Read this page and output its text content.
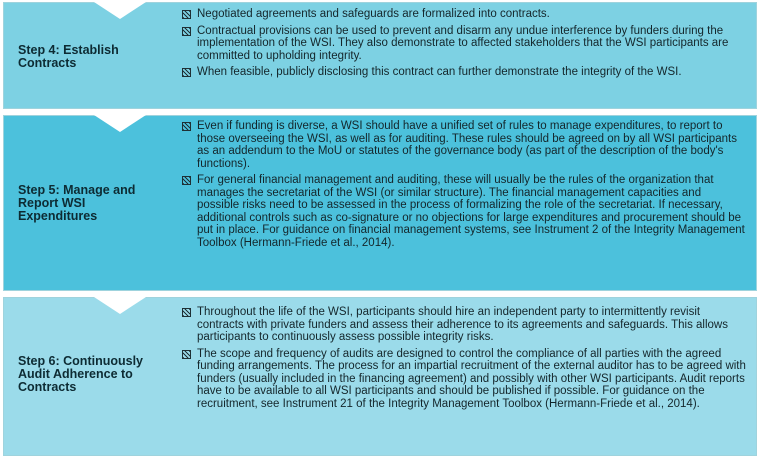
Step 4: Establish Contracts
Negotiated agreements and safeguards are formalized into contracts.
Contractual provisions can be used to prevent and disarm any undue interference by funders during the implementation of the WSI. They also demonstrate to affected stakeholders that the WSI participants are committed to upholding integrity.
When feasible, publicly disclosing this contract can further demonstrate the integrity of the WSI.
Step 5: Manage and Report WSI Expenditures
Even if funding is diverse, a WSI should have a unified set of rules to manage expenditures, to report to those overseeing the WSI, as well as for auditing. These rules should be agreed on by all WSI participants as an addendum to the MoU or statutes of the governance body (as part of the description of the body's functions).
For general financial management and auditing, these will usually be the rules of the organization that manages the secretariat of the WSI (or similar structure). The financial management capacities and possible risks need to be assessed in the process of formalizing the role of the secretariat. If necessary, additional controls such as co-signature or no objections for large expenditures and procurement should be put in place. For guidance on financial management systems, see Instrument 2 of the Integrity Management Toolbox (Hermann-Friede et al., 2014).
Step 6: Continuously Audit Adherence to Contracts
Throughout the life of the WSI, participants should hire an independent party to intermittently revisit contracts with private funders and assess their adherence to its agreements and safeguards. This allows participants to continuously assess possible integrity risks.
The scope and frequency of audits are designed to control the compliance of all parties with the agreed funding arrangements. The process for an impartial recruitment of the external auditor has to be agreed with funders (usually included in the financing agreement) and possibly with other WSI participants. Audit reports have to be available to all WSI participants and should be published if possible. For guidance on the recruitment, see Instrument 21 of the Integrity Management Toolbox (Hermann-Friede et al., 2014).
